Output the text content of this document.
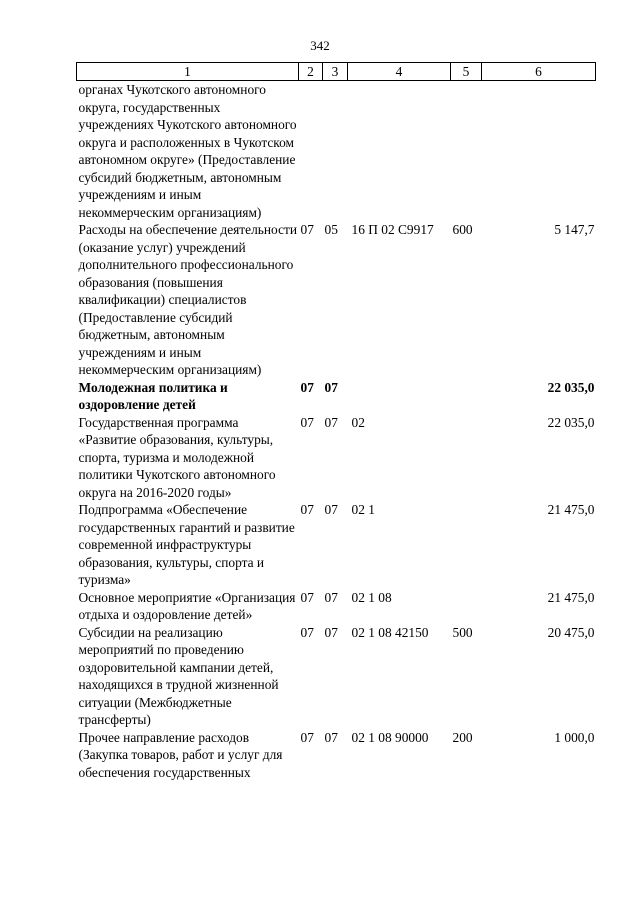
342
1	2	3	4	5	6
органах Чукотского автономного округа, государственных учреждениях Чукотского автономного округа и расположенных в Чукотском автономном округе» (Предоставление субсидий бюджетным, автономным учреждениям и иным некоммерческим организациям)					
Расходы на обеспечение деятельности (оказание услуг) учреждений дополнительного профессионального образования (повышения квалификации) специалистов (Предоставление субсидий бюджетным, автономным учреждениям и иным некоммерческим организациям)	07	05	16 П 02 С9917	600	5 147,7
Молодежная политика и оздоровление детей	07	07			22 035,0
Государственная программа «Развитие образования, культуры, спорта, туризма и молодежной политики Чукотского автономного округа на 2016-2020 годы»	07	07	02		22 035,0
Подпрограмма «Обеспечение государственных гарантий и развитие современной инфраструктуры образования, культуры, спорта и туризма»	07	07	02 1		21 475,0
Основное мероприятие «Организация отдыха и оздоровление детей»	07	07	02 1 08		21 475,0
Субсидии на реализацию мероприятий по проведению оздоровительной кампании детей, находящихся в трудной жизненной ситуации (Межбюджетные трансферты)	07	07	02 1 08 42150	500	20 475,0
Прочее направление расходов (Закупка товаров, работ и услуг для обеспечения государственных	07	07	02 1 08 90000	200	1 000,0
